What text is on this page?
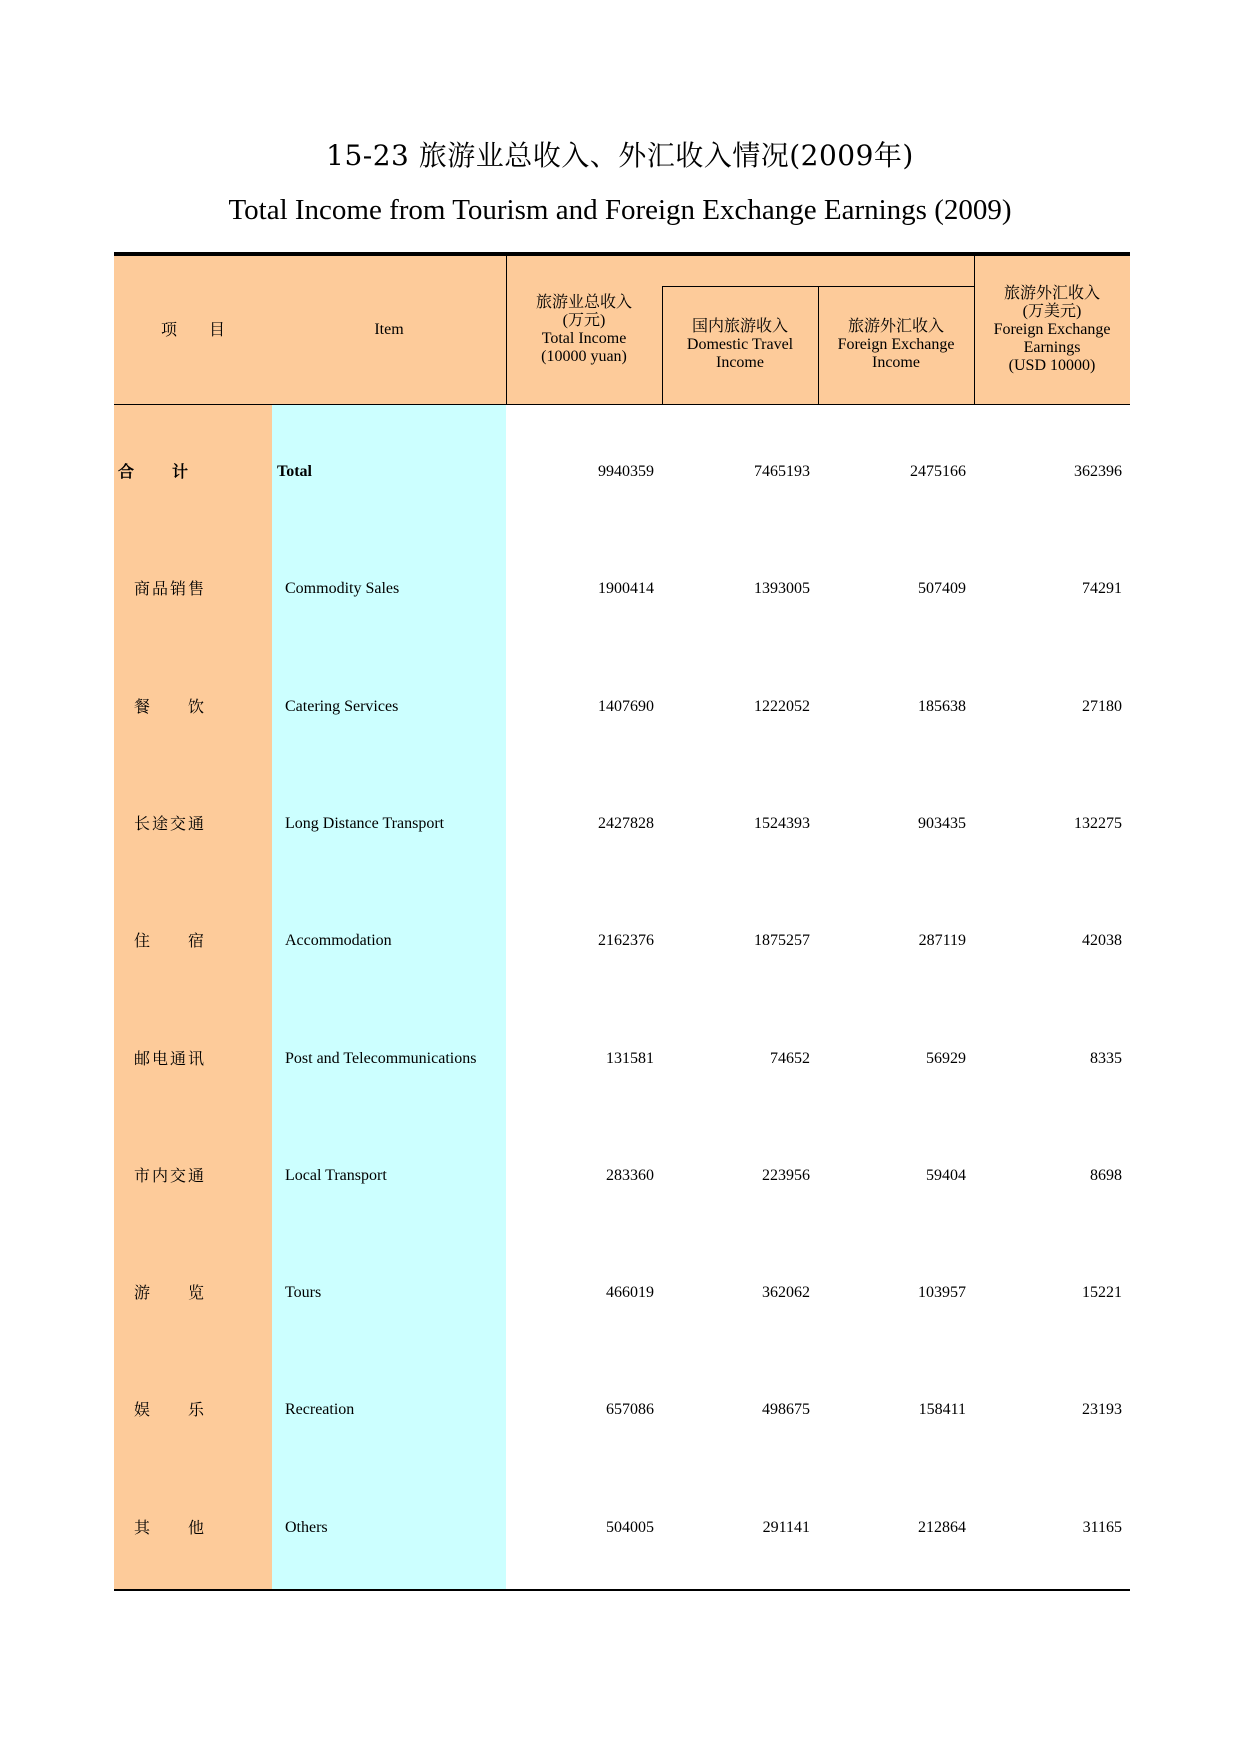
15-23 旅游业总收入、外汇收入情况(2009年)
Total Income from Tourism and Foreign Exchange Earnings (2009)
项　　目	Item
旅游业总收入
(万元)
Total Income
(10000 yuan)
国内旅游收入
Domestic Travel
Income
旅游外汇收入
Foreign Exchange
Income
旅游外汇收入
(万美元)
Foreign Exchange
Earnings
(USD 10000)
合计	Total	9940359	7465193	2475166	362396
商品销售	Commodity Sales	1900414	1393005	507409	74291
餐饮	Catering Services	1407690	1222052	185638	27180
长途交通	Long Distance Transport	2427828	1524393	903435	132275
住宿	Accommodation	2162376	1875257	287119	42038
邮电通讯	Post and Telecommunications	131581	74652	56929	8335
市内交通	Local Transport	283360	223956	59404	8698
游览	Tours	466019	362062	103957	15221
娱乐	Recreation	657086	498675	158411	23193
其他	Others	504005	291141	212864	31165
